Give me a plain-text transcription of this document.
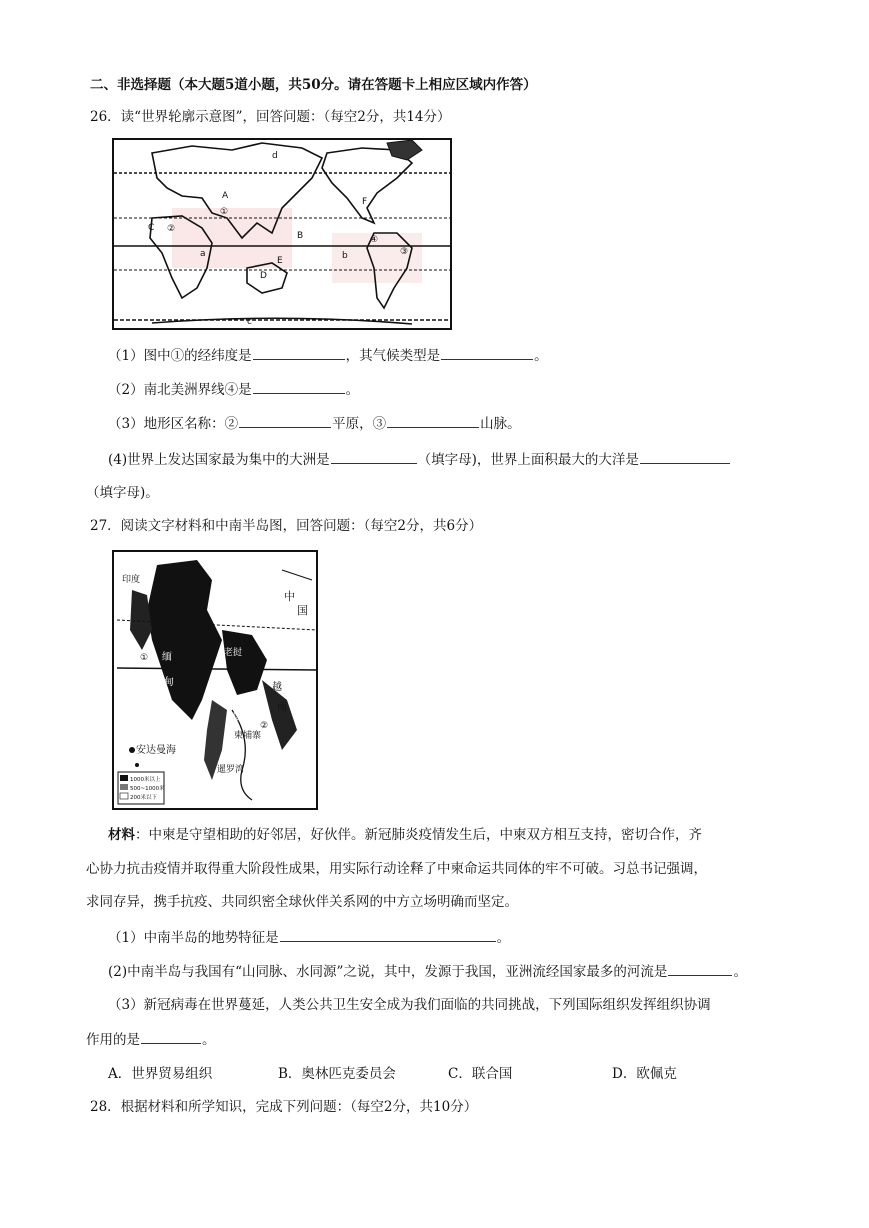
二、非选择题（本大题5道小题，共50分。请在答题卡上相应区域内作答）
26．读“世界轮廓示意图”，回答问题：（每空2分，共14分）
A
B
C
D
E
F
①
②
③
④
a	b
c
d
（1）图中①的经纬度是	，其气候类型是	。
（2）南北美洲界线④是	。
（3）地形区名称：②	平原，③	山脉。
(4)世界上发达国家最为集中的大洲是	（填字母)，世界上面积最大的大洋是
（填字母)。
27．阅读文字材料和中南半岛图，回答问题：（每空2分，共6分）
中
国
印度
泰
缅
甸
老挝
柬埔寨
越
南
安达曼海
暹罗湾
①
②
1000米以上
500~1000米
200米以下
材料：中柬是守望相助的好邻居，好伙伴。新冠肺炎疫情发生后，中柬双方相互支持，密切合作，齐
心协力抗击疫情并取得重大阶段性成果，用实际行动诠释了中柬命运共同体的牢不可破。习总书记强调，
求同存异，携手抗疫、共同织密全球伙伴关系网的中方立场明确而坚定。
（1）中南半岛的地势特征是	。
(2)中南半岛与我国有“山同脉、水同源”之说，其中，发源于我国，亚洲流经国家最多的河流是	。
（3）新冠病毒在世界蔓延，人类公共卫生安全成为我们面临的共同挑战，下列国际组织发挥组织协调
作用的是	。
A．世界贸易组织	B．奥林匹克委员会	C．联合国	D．欧佩克
28．根据材料和所学知识，完成下列问题：（每空2分，共10分）
